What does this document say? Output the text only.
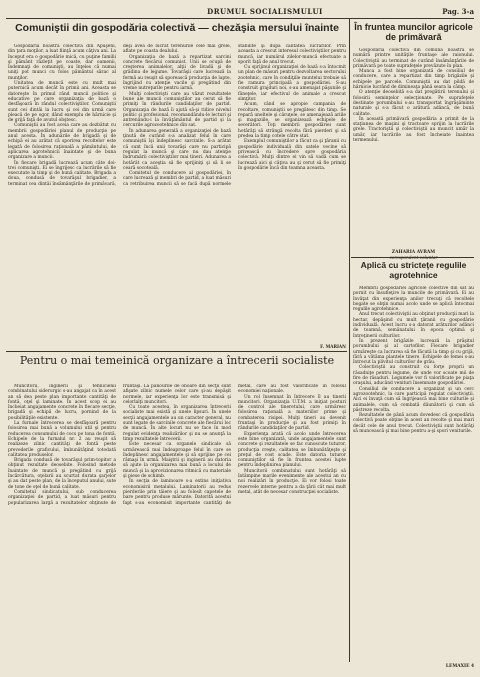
DRUMUL SOCIALISMULUI	Pag. 3-a
Comuniştii din gospodăria colectivă — chezăşia mersului înainte

Gospodăria noastră colectivă din Apuşeni, din ţara moţilor, a luat fiinţă acum câţiva ani. La început era o gospodărie mică, cu puţine familii şi pământ răzleţit pe coaste, dar oamenii, îndemnaţi de comunişti, au înţeles că numai uniţi pot munci cu folos pământul sărac al munţilor.

Unitatea de muncă este cu mult mai puternică acum decât în primii ani. Aceasta se datoreşte în primul rând muncii politice şi educative pe care organizaţia de bază o desfăşoară în rândul colectiviştilor. Comuniştii sunt cei dintâi la lucru şi cei din urmă care pleacă de pe ogor, dând exemplu de hărnicie şi de grijă faţă de avutul obştesc.

Comuniştii au fost aceia care au dezbătut cu membrii gospodăriei planul de producţie pe anul acesta. În adunările de brigadă şi de echipă ei au arătat că sporirea recoltelor este legată de folosirea raţională a pământului, de aplicarea agrotehnicii înaintate şi de buna organizare a muncii.

În fiecare brigadă lucrează acum câte doi-trei comunişti. Ei se îngrijesc ca lucrările să fie executate la timp şi de bună calitate. Brigada a doua, condusă de tovarăşul brigadier, a terminat cea dintâi însămânţările de primăvară, deşi avea de lucrat terenurile cele mai grele, aflate pe coasta dealului.

Organizaţia de bază a repartizat sarcini concrete fiecărui comunist. Unii se ocupă de creşterea animalelor, alţii de livadă şi de grădina de legume. Tovarăşii care lucrează la fermă au reuşit să sporească producţia de lapte, îngrijind cu atenţie vacile şi pregătind din vreme nutreţurile pentru iarnă.

Mulţi colectivişti care au văzut rezultatele bune ale muncii comuniştilor au cerut să fie primiţi în rândurile candidaţilor de partid. Organizaţia de bază îi ajută să-şi ridice nivelul politic şi profesional, recomandându-le lecturi şi antrenându-i la învăţământul de partid şi la cercurile agrozootehnice din sat.

În adunarea generală a organizaţiei de bază ţinută de curând s-a analizat felul în care comuniştii îşi îndeplinesc sarcinile. S-a arătat că sunt încă unii tovarăşi care nu participă regulat la muncă şi care nu dau atenţie îndrumării colectiviştilor mai tineri. Adunarea a hotărât ca aceştia să fie sprijiniţi şi să li se ceară socoteală.

Comitetul de conducere al gospodăriei, în care lucrează şi membri de partid, a luat măsuri ca retribuirea muncii să se facă după normele stabilite şi după calitatea lucrărilor. Prin aceasta a crescut interesul colectiviştilor pentru muncă, iar numărul zilelor-muncă efectuate a sporit faţă de anul trecut.

Cu sprijinul organizaţiei de bază s-a întocmit un plan de măsuri pentru dezvoltarea sectorului zootehnic, care în condiţiile muntelui trebuie să fie ramura principală a gospodăriei. S-au construit grajduri noi, s-au amenajat păşunile şi fâneţele, iar efectivul de animale a crescut simţitor.

Acum, când se apropie campania de recoltare, comuniştii se pregătesc din timp. Se repară uneltele şi căruţele, se amenajează ariile şi magaziile, se organizează echipele de secerători. Toţi membrii gospodăriei sunt hotărâţi să strângă recolta fără pierderi şi să predea la timp cotele către stat.

Exemplul comuniştilor a făcut ca şi ţăranii cu gospodărie individuală din satele vecine să privească cu încredere spre gospodăria colectivă. Mulţi dintre ei vin să vadă cum se lucrează aici şi câţiva au şi cerut să fie primiţi în gospodărie încă din toamna aceasta.

F. MARIAN
În fruntea muncilor agricole de primăvară

Gospodăria colectivă din comuna noastră se numără printre unităţile fruntaşe ale raionului. Colectiviştii au terminat de curând însămânţările de primăvară pe toate suprafeţele prevăzute în plan.

Munca a fost bine organizată de consiliul de conducere, care a repartizat din timp brigăzile şi echipele pe parcele. Comuniştii au dat pildă de hărnicie lucrând de dimineaţa până seara la câmp.

O atenţie deosebită s-a dat pregătirii terenului şi folosirii seminţelor selecţionate. Pe suprafeţele destinate porumbului s-au transportat îngrăşăminte naturale şi s-a făcut o arătură adâncă, de bună calitate.

În această primăvară gospodăria a primit de la staţiunea de maşini şi tractoare sprijin la lucrările grele. Tractoriştii şi colectiviştii au muncit umăr la umăr, iar lucrările au fost încheiate înaintea termenului.

ZAHARIA AVRAM
corespondent voluntar
Aplică cu stricteţe regulile agrotehnice

Membrii gospodăriei agricole colective din sat au pornit cu însufleţire la muncile de primăvară. Ei au învăţat din experienţa anilor trecuţi că recoltele bogate se obţin numai acolo unde se aplică întocmai regulile agrotehnice.

Anul trecut colectiviştii au obţinut producţii mari la hectar, depăşind cu mult ţăranii cu gospodărie individuală. Acest lucru s-a datorat arăturilor adânci de toamnă, semănatului în epoca optimă şi întreţinerii culturilor.

În prezent brigăzile lucrează la prăşitul porumbului şi al cartofilor. Fiecare brigadier urmăreşte ca lucrarea să fie făcută la timp şi cu grijă, fără a vătăma plantele tinere. Echipele de femei s-au întrecut la plivitul culturilor de grâu.

Colectiviştii au construit cu forţe proprii un răsadniţe pentru legume, de unde vor scoate mii de fire de răsaduri. Legumele vor fi valorificate pe piaţa oraşului, aducând venituri însemnate gospodăriei.

Consiliul de conducere a organizat şi un cerc agrozootehnic, la care participă regulat colectiviştii. Aici ei învaţă cum să îngrijească mai bine culturile şi animalele, cum să combată dăunătorii şi cum să păstreze recolta.

Rezultatele de până acum dovedesc că gospodăria colectivă poate obţine în acest an recolte şi mai mari decât cele de anul trecut. Colectiviştii sunt hotărâţi să muncească şi mai bine pentru a-şi spori veniturile.

Pentru o mai temeinică organizare a întrecerii socialiste

Muncitorii, inginerii şi tehnicienii combinatului siderurgic s-au angajat ca în acest an să dea peste plan importante cantităţi de fontă, oţel şi laminate. În acest scop ei au încheiat angajamente concrete în fiecare secţie, brigadă şi echipă de lucru, pornind de la posibilităţile existente.

La furnale întrecerea se desfăşoară pentru folosirea mai bună a volumului util şi pentru reducerea consumului de cocs pe tona de fontă. Echipele de la furnalul nr. 2 au reuşit să realizeze zilnic cantităţi de fontă peste prevederile graficului, îmbunătăţind totodată calitatea produselor.

Brigada condusă de tovarăşul prim-topitor a obţinut rezultate deosebite. Folosind metode înaintate de muncă şi pregătind cu grijă încărcătura, oţelarii au scurtat durata şarjelor şi au dat peste plan, de la începutul anului, sute de tone de oţel de bună calitate.

Comitetul sindicatului, sub conducerea organizaţiei de partid, a luat măsuri pentru popularizarea largă a rezultatelor obţinute de fruntaşi. La panourile de onoare din secţii sunt afişate zilnic numele celor care şi-au depăşit normele, iar experienţa lor este transmisă şi celorlalţi muncitori.

Cu toate acestea, în organizarea întrecerii socialiste mai există şi unele lipsuri. În unele secţii angajamentele au un caracter general, nu sunt legate de sarcinile concrete ale fiecărui loc de muncă. În alte locuri nu se face în mod regulat evidenţa realizărilor şi nu se anunţă la timp rezultatele întrecerii.

Este necesar ca organele sindicale să urmărească mai îndeaproape felul în care se îndeplinesc angajamentele şi să sprijine pe cei rămaşi în urmă. Maiştrii şi inginerii au datoria să ajute la organizarea mai bună a locului de muncă şi la aprovizionarea ritmică cu materiale şi piese de schimb.

În secţia de laminoare s-a extins iniţiativa economisirii metalului. Laminatorii au redus pierderile prin tăiere şi au folosit capetele de bare pentru produse mărunte. Datorită acestui fapt s-au economisit importante cantităţi de metal, care au fost valorificate în folosul economiei naţionale.

Un rol însemnat în întrecere îl au tinerii muncitori. Organizaţia U.T.M. a iniţiat posturi de control ale tineretului, care urmăresc folosirea raţională a materiilor prime şi combaterea risipei. Mulţi tineri au devenit fruntaşi în producţie şi au fost primiţi în rândurile candidaţilor de partid.

Experienţa arată că acolo unde întrecerea este bine organizată, unde angajamentele sunt concrete şi rezultatele se fac cunoscute tuturor, producţia creşte, calitatea se îmbunătăţeşte şi preţul de cost scade. Este datoria tuturor comuniştilor să fie în fruntea acestei lupte pentru îndeplinirea planului.

Muncitorii combinatului sunt hotărâţi să întâmpine marile evenimente ale acestui an cu noi realizări în producţie. Ei vor folosi toate rezervele interne pentru a da ţării cât mai mult metal, atât de necesar construcţiei socialiste.

LEMAXIE 4
